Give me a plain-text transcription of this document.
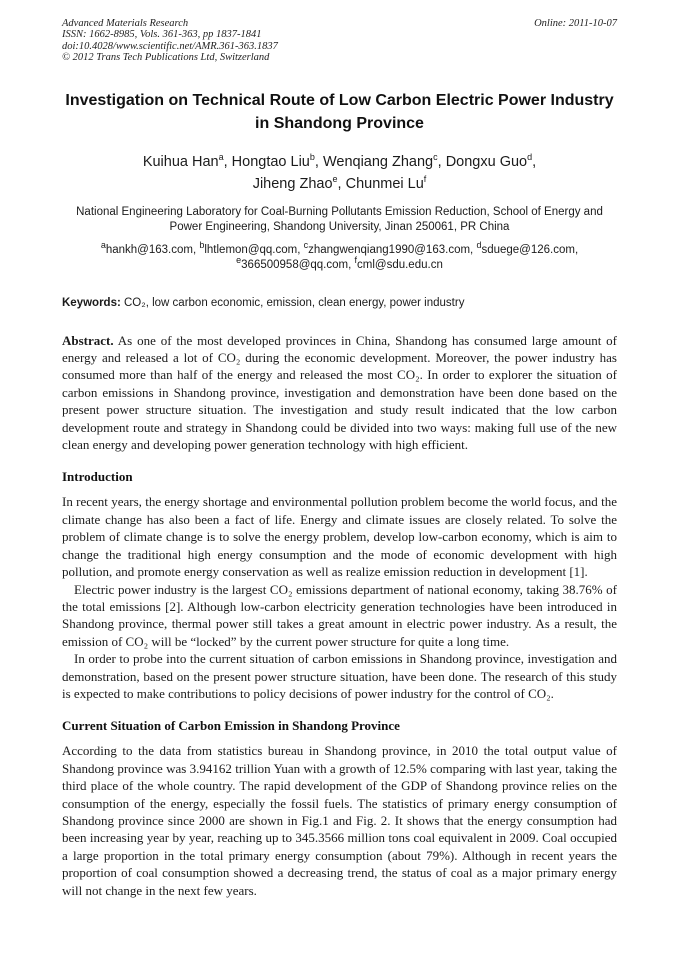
Advanced Materials Research
ISSN: 1662-8985, Vols. 361-363, pp 1837-1841
doi:10.4028/www.scientific.net/AMR.361-363.1837
© 2012 Trans Tech Publications Ltd, Switzerland
Online: 2011-10-07
Investigation on Technical Route of Low Carbon Electric Power Industry in Shandong Province
Kuihua Han$^a$, Hongtao Liu$^b$, Wenqiang Zhang$^c$, Dongxu Guo$^d$,
Jiheng Zhao$^e$, Chunmei Lu$^f$

National Engineering Laboratory for Coal-Burning Pollutants Emission Reduction, School of Energy and Power Engineering, Shandong University, Jinan 250061, PR China

$^a$hankh@163.com, $^b$lhtlemon@qq.com, $^c$zhangwenqiang1990@163.com, $^d$sduege@126.com,
$^e$366500958@qq.com, $^f$cml@sdu.edu.cn

Keywords: CO₂, low carbon economic, emission, clean energy, power industry

Abstract. As one of the most developed provinces in China, Shandong has consumed large amount of energy and released a lot of CO₂ during the economic development. Moreover, the power industry has consumed more than half of the energy and released the most CO₂. In order to explorer the situation of carbon emissions in Shandong province, investigation and demonstration have been done based on the present power structure situation. The investigation and study result indicated that the low carbon development route and strategy in Shandong could be divided into two ways: making full use of the new clean energy and developing power generation technology with high efficient.

Introduction

In recent years, the energy shortage and environmental pollution problem become the world focus, and the climate change has also been a fact of life. Energy and climate issues are closely related. To solve the problem of climate change is to solve the energy problem, develop low-carbon economy, which is aim to change the traditional high energy consumption and the mode of economic development with high pollution, and promote energy conservation as well as realize emission reduction in development [1].

Electric power industry is the largest CO₂ emissions department of national economy, taking 38.76% of the total emissions [2]. Although low-carbon electricity generation technologies have been introduced in Shandong province, thermal power still takes a great amount in electric power industry. As a result, the emission of CO₂ will be “locked” by the current power structure for quite a long time.

In order to probe into the current situation of carbon emissions in Shandong province, investigation and demonstration, based on the present power structure situation, have been done. The research of this study is expected to make contributions to policy decisions of power industry for the control of CO₂.

Current Situation of Carbon Emission in Shandong Province

According to the data from statistics bureau in Shandong province, in 2010 the total output value of Shandong province was 3.94162 trillion Yuan with a growth of 12.5% comparing with last year, taking the third place of the whole country. The rapid development of the GDP of Shandong province relies on the consumption of the energy, especially the fossil fuels. The statistics of primary energy consumption of Shandong province since 2000 are shown in Fig.1 and Fig. 2. It shows that the energy consumption had been increasing year by year, reaching up to 345.3566 million tons coal equivalent in 2009. Coal occupied a large proportion in the total primary energy consumption (about 79%). Although in recent years the proportion of coal consumption showed a decreasing trend, the status of coal as a major primary energy will not change in the next few years.
